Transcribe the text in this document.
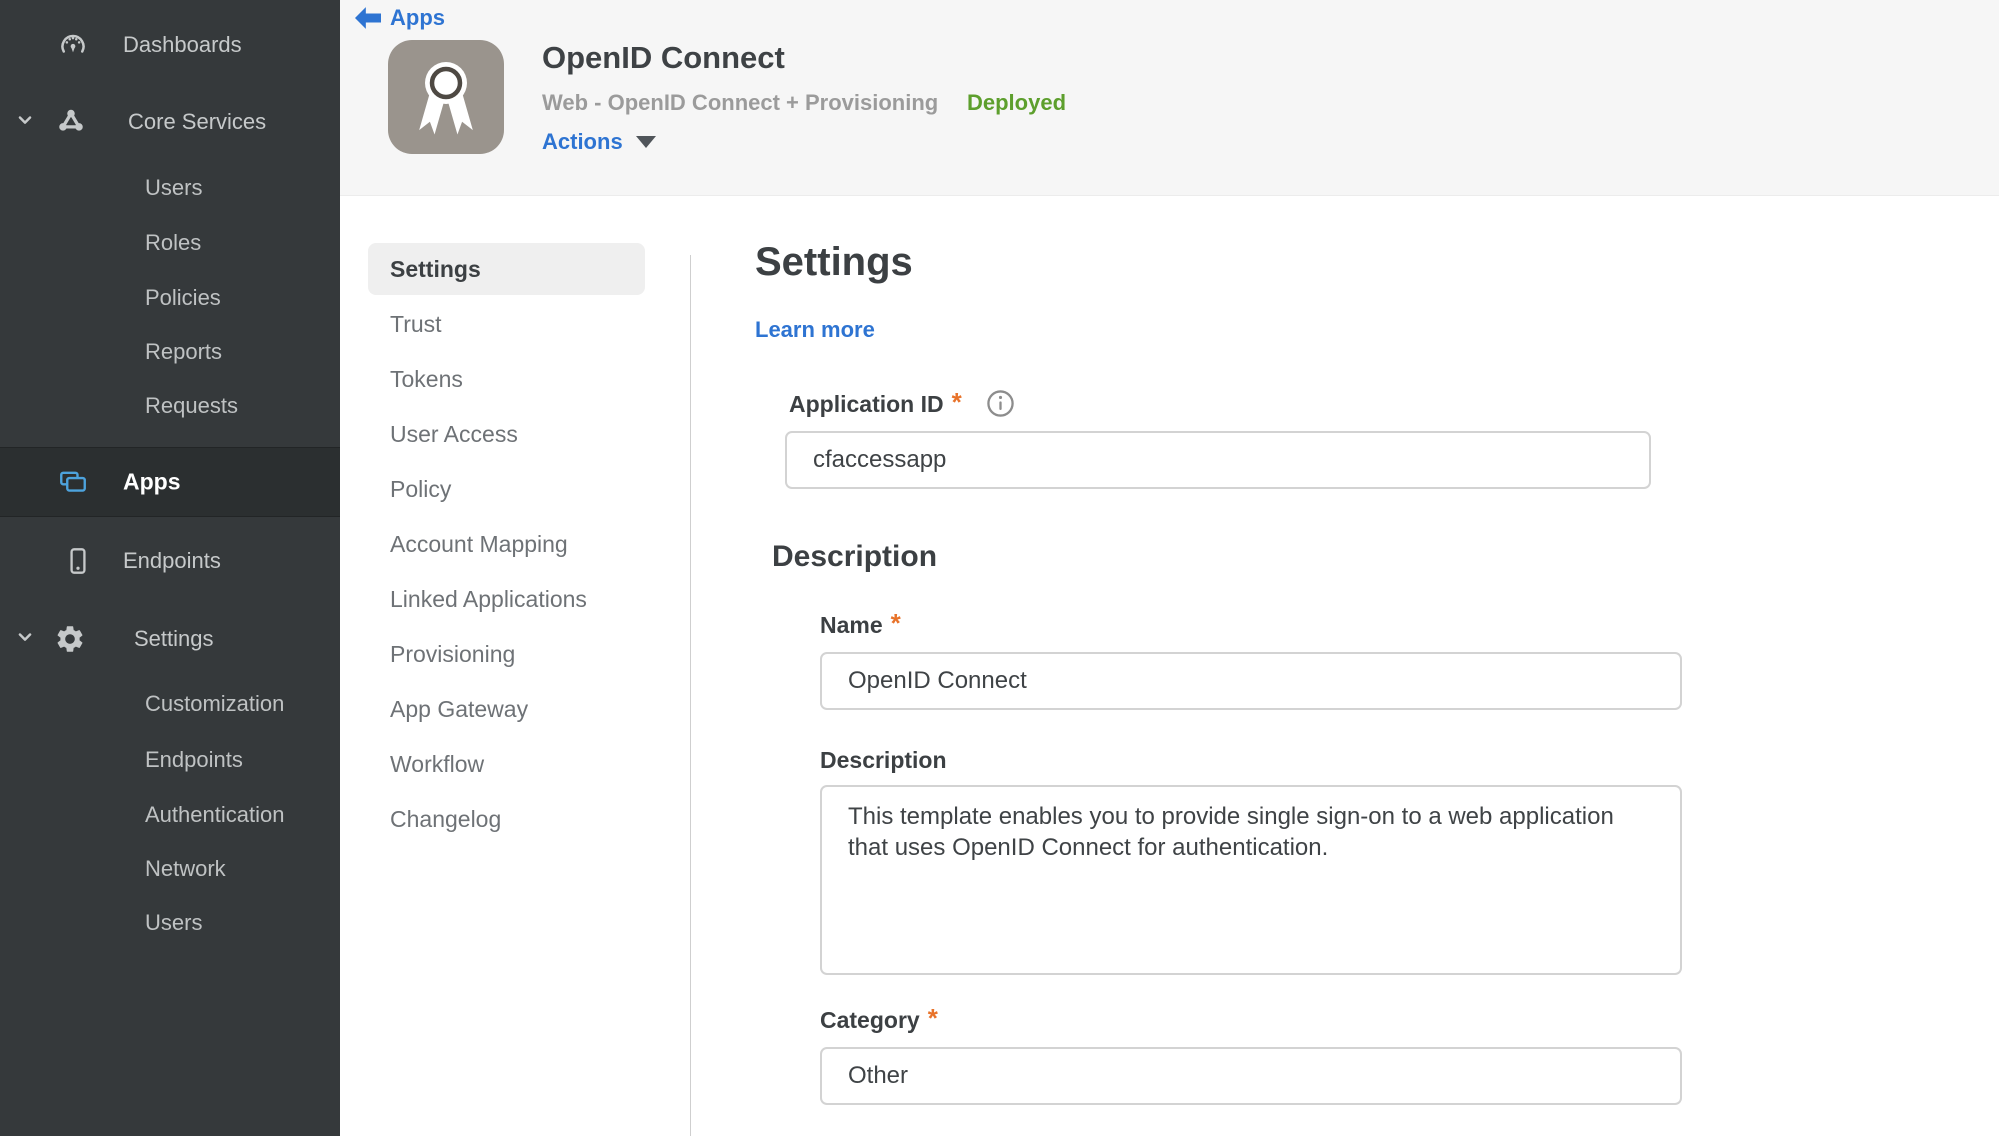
Dashboards
Core Services
Users
Roles
Policies
Reports
Requests
Apps
Endpoints
Settings
Customization
Endpoints
Authentication
Network
Users
Apps
OpenID Connect
Web - OpenID Connect + Provisioning Deployed
Actions
Settings
Trust
Tokens
User Access
Policy
Account Mapping
Linked Applications
Provisioning
App Gateway
Workflow
Changelog
Settings
Learn more
Application ID *
cfaccessapp
Description
Name *
OpenID Connect
Description
This template enables you to provide single sign-on to a web application that uses OpenID Connect for authentication.
Category *
Other
